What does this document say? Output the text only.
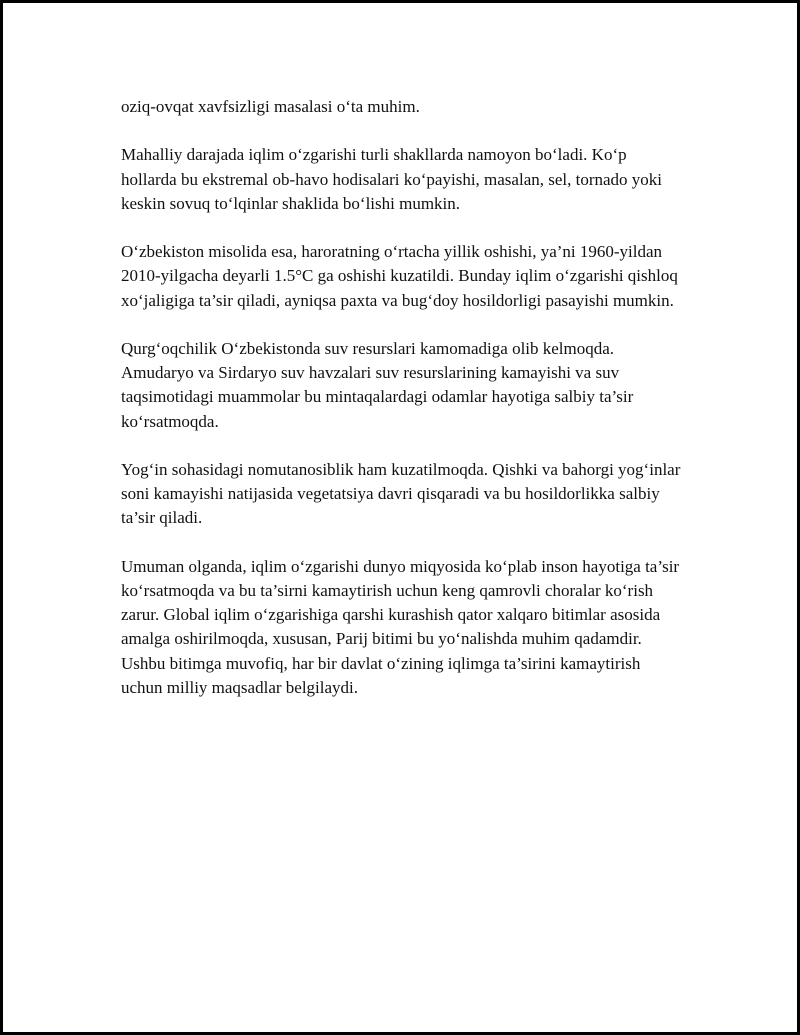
oziq-ovqat xavfsizligi masalasi o‘ta muhim.

Mahalliy darajada iqlim o‘zgarishi turli shakllarda namoyon bo‘ladi. Ko‘p hollarda bu ekstremal ob-havo hodisalari ko‘payishi, masalan, sel, tornado yoki keskin sovuq to‘lqinlar shaklida bo‘lishi mumkin.

O‘zbekiston misolida esa, haroratning o‘rtacha yillik oshishi, ya’ni 1960-yildan 2010-yilgacha deyarli 1.5°C ga oshishi kuzatildi. Bunday iqlim o‘zgarishi qishloq xo‘jaligiga ta’sir qiladi, ayniqsa paxta va bug‘doy hosildorligi pasayishi mumkin.

Qurg‘oqchilik O‘zbekistonda suv resurslari kamomadiga olib kelmoqda. Amudaryo va Sirdaryo suv havzalari suv resurslarining kamayishi va suv taqsimotidagi muammolar bu mintaqalardagi odamlar hayotiga salbiy ta’sir ko‘rsatmoqda.

Yog‘in sohasidagi nomutanosiblik ham kuzatilmoqda. Qishki va bahorgi yog‘inlar soni kamayishi natijasida vegetatsiya davri qisqaradi va bu hosildorlikka salbiy ta’sir qiladi.

Umuman olganda, iqlim o‘zgarishi dunyo miqyosida ko‘plab inson hayotiga ta’sir ko‘rsatmoqda va bu ta’sirni kamaytirish uchun keng qamrovli choralar ko‘rish zarur. Global iqlim o‘zgarishiga qarshi kurashish qator xalqaro bitimlar asosida amalga oshirilmoqda, xususan, Parij bitimi bu yo‘nalishda muhim qadamdir. Ushbu bitimga muvofiq, har bir davlat o‘zining iqlimga ta’sirini kamaytirish uchun milliy maqsadlar belgilaydi.
